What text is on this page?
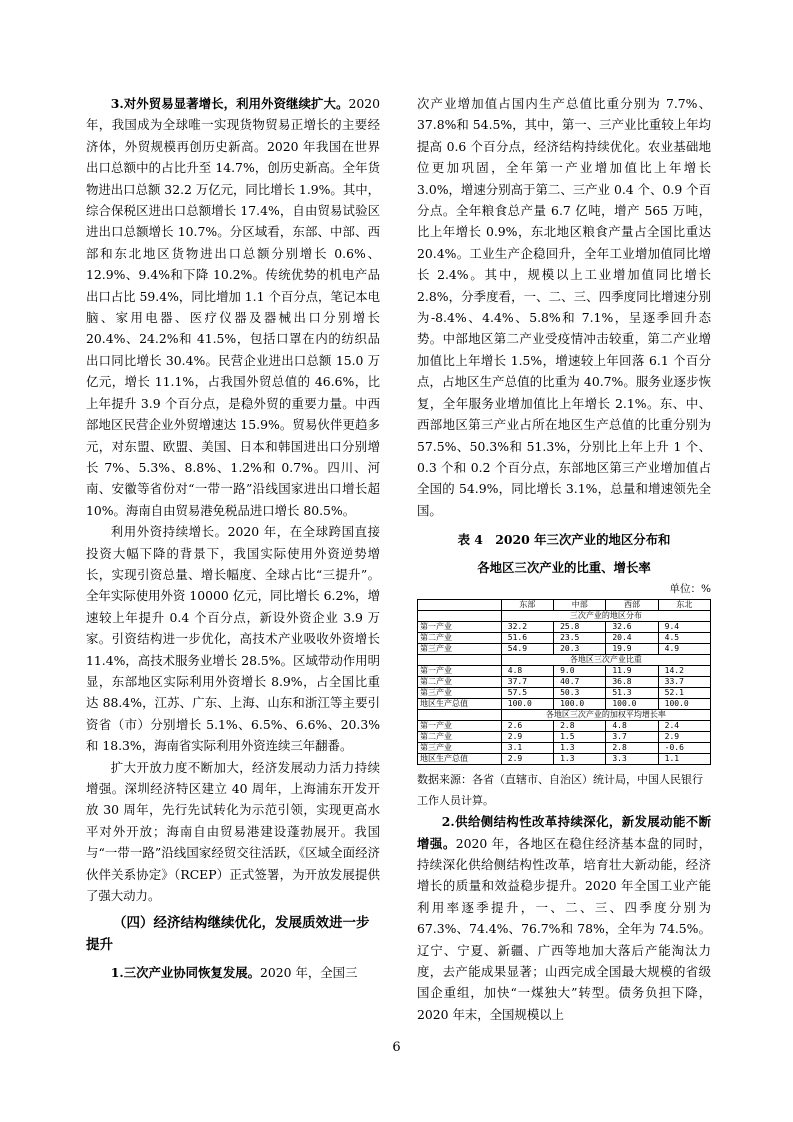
3.对外贸易显著增长，利用外资继续扩大。2020 年，我国成为全球唯一实现货物贸易正增长的主要经济体，外贸规模再创历史新高。2020 年我国在世界出口总额中的占比升至 14.7%，创历史新高。全年货物进出口总额 32.2 万亿元，同比增长 1.9%。其中，综合保税区进出口总额增长 17.4%，自由贸易试验区进出口总额增长 10.7%。分区域看，东部、中部、西部和东北地区货物进出口总额分别增长 0.6%、12.9%、9.4%和下降 10.2%。传统优势的机电产品出口占比 59.4%，同比增加 1.1 个百分点，笔记本电脑、家用电器、医疗仪器及器械出口分别增长 20.4%、24.2%和 41.5%，包括口罩在内的纺织品出口同比增长 30.4%。民营企业进出口总额 15.0 万亿元，增长 11.1%，占我国外贸总值的 46.6%，比上年提升 3.9 个百分点，是稳外贸的重要力量。中西部地区民营企业外贸增速达 15.9%。贸易伙伴更趋多元，对东盟、欧盟、美国、日本和韩国进出口分别增长 7%、5.3%、8.8%、1.2%和 0.7%。四川、河南、安徽等省份对“一带一路”沿线国家进出口增长超 10%。海南自由贸易港免税品进口增长 80.5%。

利用外资持续增长。2020 年，在全球跨国直接投资大幅下降的背景下，我国实际使用外资逆势增长，实现引资总量、增长幅度、全球占比“三提升”。全年实际使用外资 10000 亿元，同比增长 6.2%，增速较上年提升 0.4 个百分点，新设外资企业 3.9 万家。引资结构进一步优化，高技术产业吸收外资增长 11.4%，高技术服务业增长 28.5%。区域带动作用明显，东部地区实际利用外资增长 8.9%，占全国比重达 88.4%，江苏、广东、上海、山东和浙江等主要引资省（市）分别增长 5.1%、6.5%、6.6%、20.3%和 18.3%，海南省实际利用外资连续三年翻番。

扩大开放力度不断加大，经济发展动力活力持续增强。深圳经济特区建立 40 周年，上海浦东开发开放 30 周年，先行先试转化为示范引领，实现更高水平对外开放；海南自由贸易港建设蓬勃展开。我国与“一带一路”沿线国家经贸交往活跃，《区域全面经济伙伴关系协定》（RCEP）正式签署，为开放发展提供了强大动力。

（四）经济结构继续优化，发展质效进一步提升

1.三次产业协同恢复发展。2020 年，全国三

次产业增加值占国内生产总值比重分别为 7.7%、37.8%和 54.5%，其中，第一、三产业比重较上年均提高 0.6 个百分点，经济结构持续优化。农业基础地位更加巩固，全年第一产业增加值比上年增长 3.0%，增速分别高于第二、三产业 0.4 个、0.9 个百分点。全年粮食总产量 6.7 亿吨，增产 565 万吨，比上年增长 0.9%，东北地区粮食产量占全国比重达 20.4%。工业生产企稳回升，全年工业增加值同比增长 2.4%。其中，规模以上工业增加值同比增长 2.8%，分季度看，一、二、三、四季度同比增速分别为-8.4%、4.4%、5.8%和 7.1%，呈逐季回升态势。中部地区第二产业受疫情冲击较重，第二产业增加值比上年增长 1.5%，增速较上年回落 6.1 个百分点，占地区生产总值的比重为 40.7%。服务业逐步恢复，全年服务业增加值比上年增长 2.1%。东、中、西部地区第三产业占所在地区生产总值的比重分别为 57.5%、50.3%和 51.3%，分别比上年上升 1 个、0.3 个和 0.2 个百分点，东部地区第三产业增加值占全国的 54.9%，同比增长 3.1%，总量和增速领先全国。

表 4　2020 年三次产业的地区分布和
各地区三次产业的比重、增长率
单位：%
	东部	中部	西部	东北
	三次产业的地区分布			
第一产业	32.2	25.8	32.6	9.4
第二产业	51.6	23.5	20.4	4.5
第三产业	54.9	20.3	19.9	4.9
	各地区三次产业比重			
第一产业	4.8	9.0	11.9	14.2
第二产业	37.7	40.7	36.8	33.7
第三产业	57.5	50.3	51.3	52.1
地区生产总值	100.0	100.0	100.0	100.0
	各地区三次产业的加权平均增长率			
第一产业	2.6	2.8	4.8	2.4
第二产业	2.9	1.5	3.7	2.9
第三产业	3.1	1.3	2.8	-0.6
地区生产总值	2.9	1.3	3.3	1.1
数据来源：各省（直辖市、自治区）统计局，中国人民银行工作人员计算。

2.供给侧结构性改革持续深化，新发展动能不断增强。2020 年，各地区在稳住经济基本盘的同时，持续深化供给侧结构性改革，培育壮大新动能，经济增长的质量和效益稳步提升。2020 年全国工业产能利用率逐季提升，一、二、三、四季度分别为 67.3%、74.4%、76.7%和 78%，全年为 74.5%。辽宁、宁夏、新疆、广西等地加大落后产能淘汰力度，去产能成果显著；山西完成全国最大规模的省级国企重组，加快“一煤独大”转型。债务负担下降，2020 年末，全国规模以上

6
